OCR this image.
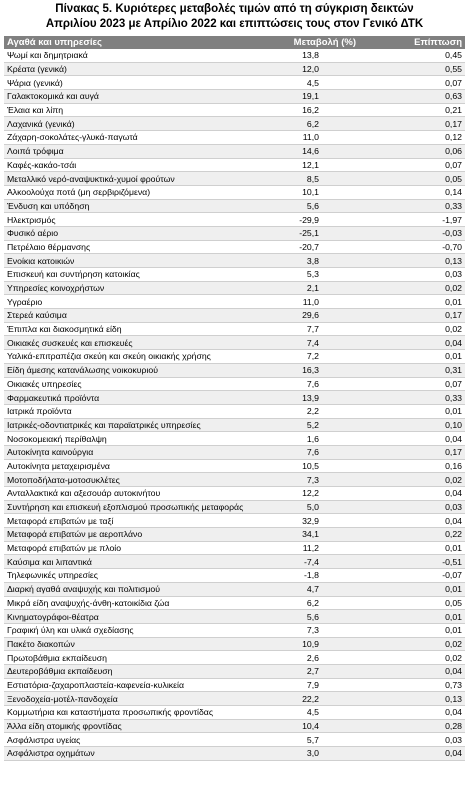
Πίνακας 5. Κυριότερες μεταβολές τιμών από τη σύγκριση δεικτών
Απριλίου 2023 με Απρίλιο 2022 και επιπτώσεις τους στον Γενικό ΔΤΚ
Αγαθά και υπηρεσίες	Μεταβολή (%)	Επίπτωση
Ψωμί και δημητριακά	13,8	0,45
Κρέατα (γενικά)	12,0	0,55
Ψάρια (γενικά)	4,5	0,07
Γαλακτοκομικά και αυγά	19,1	0,63
Έλαια και λίπη	16,2	0,21
Λαχανικά (γενικά)	6,2	0,17
Ζάχαρη-σοκολάτες-γλυκά-παγωτά	11,0	0,12
Λοιπά τρόφιμα	14,6	0,06
Καφές-κακάο-τσάι	12,1	0,07
Μεταλλικό νερό-αναψυκτικά-χυμοί φρούτων	8,5	0,05
Αλκοολούχα ποτά (μη σερβιριζόμενα)	10,1	0,14
Ένδυση και υπόδηση	5,6	0,33
Ηλεκτρισμός	-29,9	-1,97
Φυσικό αέριο	-25,1	-0,03
Πετρέλαιο θέρμανσης	-20,7	-0,70
Ενοίκια κατοικιών	3,8	0,13
Επισκευή και συντήρηση κατοικίας	5,3	0,03
Υπηρεσίες κοινοχρήστων	2,1	0,02
Υγραέριο	11,0	0,01
Στερεά καύσιμα	29,6	0,17
Έπιπλα και διακοσμητικά είδη	7,7	0,02
Οικιακές συσκευές και επισκευές	7,4	0,04
Υαλικά-επιτραπέζια σκεύη και σκεύη οικιακής χρήσης	7,2	0,01
Είδη άμεσης κατανάλωσης νοικοκυριού	16,3	0,31
Οικιακές υπηρεσίες	7,6	0,07
Φαρμακευτικά προϊόντα	13,9	0,33
Ιατρικά προϊόντα	2,2	0,01
Ιατρικές-οδοντιατρικές και παραϊατρικές υπηρεσίες	5,2	0,10
Νοσοκομειακή περίθαλψη	1,6	0,04
Αυτοκίνητα καινούργια	7,6	0,17
Αυτοκίνητα μεταχειρισμένα	10,5	0,16
Μοτοποδήλατα-μοτοσυκλέτες	7,3	0,02
Ανταλλακτικά και αξεσουάρ αυτοκινήτου	12,2	0,04
Συντήρηση και επισκευή εξοπλισμού προσωπικής μεταφοράς	5,0	0,03
Μεταφορά επιβατών με ταξί	32,9	0,04
Μεταφορά επιβατών με αεροπλάνο	34,1	0,22
Μεταφορά επιβατών με πλοίο	11,2	0,01
Καύσιμα και λιπαντικά	-7,4	-0,51
Τηλεφωνικές υπηρεσίες	-1,8	-0,07
Διαρκή αγαθά αναψυχής και πολιτισμού	4,7	0,01
Μικρά είδη αναψυχής-άνθη-κατοικίδια ζώα	6,2	0,05
Κινηματογράφοι-θέατρα	5,6	0,01
Γραφική ύλη και υλικά σχεδίασης	7,3	0,01
Πακέτο διακοπών	10,9	0,02
Πρωτοβάθμια εκπαίδευση	2,6	0,02
Δευτεροβάθμια εκπαίδευση	2,7	0,04
Εστιατόρια-ζαχαροπλαστεία-καφενεία-κυλικεία	7,9	0,73
Ξενοδοχεία-μοτέλ-πανδοχεία	22,2	0,13
Κομμωτήρια και καταστήματα προσωπικής φροντίδας	4,5	0,04
Άλλα είδη ατομικής φροντίδας	10,4	0,28
Ασφάλιστρα υγείας	5,7	0,03
Ασφάλιστρα οχημάτων	3,0	0,04
